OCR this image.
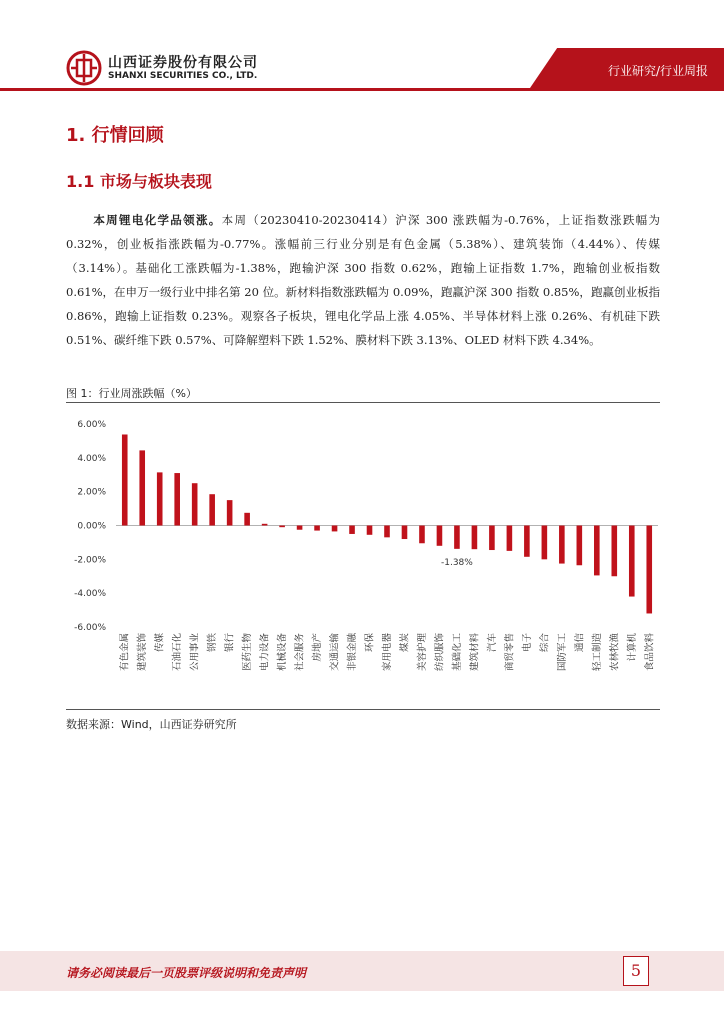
山西证券股份有限公司
SHANXI SECURITIES CO., LTD.	行业研究/行业周报
1. 行情回顾
1.1 市场与板块表现
本周锂电化学品领涨。本周（20230410-20230414）沪深 300 涨跌幅为-0.76%，上证指数涨跌幅为 0.32%，创业板指涨跌幅为-0.77%。涨幅前三行业分别是有色金属（5.38%）、建筑装饰（4.44%）、传媒（3.14%）。基础化工涨跌幅为-1.38%，跑输沪深 300 指数 0.62%，跑输上证指数 1.7%，跑输创业板指数 0.61%，在申万一级行业中排名第 20 位。新材料指数涨跌幅为 0.09%，跑赢沪深 300 指数 0.85%，跑赢创业板指 0.86%，跑输上证指数 0.23%。观察各子板块，锂电化学品上涨 4.05%、半导体材料上涨 0.26%、有机硅下跌 0.51%、碳纤维下跌 0.57%、可降解塑料下跌 1.52%、膜材料下跌 3.13%、OLED 材料下跌 4.34%。
图 1：行业周涨跌幅（%）
6.00%
4.00%
2.00%
0.00%
-2.00%
-4.00%
-6.00%
有色金属 建筑装饰 传媒 石油石化 公用事业 钢铁 银行 医药生物 电力设备 机械设备 社会服务 房地产 交通运输 非银金融 环保 家用电器 煤炭 美容护理 纺织服饰 基础化工 建筑材料 汽车 商贸零售 电子 综合 国防军工 通信 轻工制造 农林牧渔 计算机 食品饮料
-1.38%
数据来源：Wind，山西证券研究所
请务必阅读最后一页股票评级说明和免责声明	5
